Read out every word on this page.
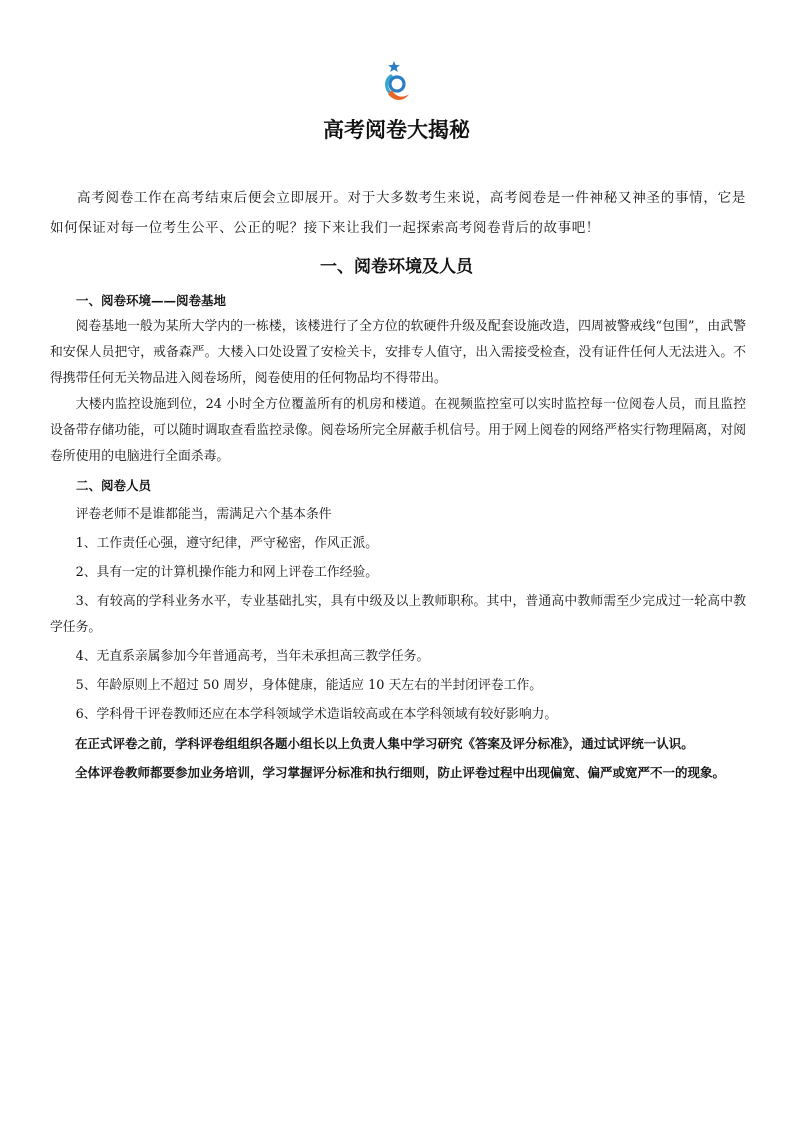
高考阅卷大揭秘

高考阅卷工作在高考结束后便会立即展开。对于大多数考生来说，高考阅卷是一件神秘又神圣的事情，它是如何保证对每一位考生公平、公正的呢？接下来让我们一起探索高考阅卷背后的故事吧！

一、阅卷环境及人员

一、阅卷环境——阅卷基地

阅卷基地一般为某所大学内的一栋楼，该楼进行了全方位的软硬件升级及配套设施改造，四周被警戒线“包围”，由武警和安保人员把守，戒备森严。大楼入口处设置了安检关卡，安排专人值守，出入需接受检查，没有证件任何人无法进入。不得携带任何无关物品进入阅卷场所，阅卷使用的任何物品均不得带出。

大楼内监控设施到位，24 小时全方位覆盖所有的机房和楼道。在视频监控室可以实时监控每一位阅卷人员，而且监控设备带存储功能，可以随时调取查看监控录像。阅卷场所完全屏蔽手机信号。用于网上阅卷的网络严格实行物理隔离，对阅卷所使用的电脑进行全面杀毒。

二、阅卷人员

评卷老师不是谁都能当，需满足六个基本条件

1、工作责任心强，遵守纪律，严守秘密，作风正派。

2、具有一定的计算机操作能力和网上评卷工作经验。

3、有较高的学科业务水平，专业基础扎实，具有中级及以上教师职称。其中，普通高中教师需至少完成过一轮高中教学任务。

4、无直系亲属参加今年普通高考，当年未承担高三教学任务。

5、年龄原则上不超过 50 周岁，身体健康，能适应 10 天左右的半封闭评卷工作。

6、学科骨干评卷教师还应在本学科领域学术造诣较高或在本学科领域有较好影响力。

在正式评卷之前，学科评卷组组织各题小组长以上负责人集中学习研究《答案及评分标准》，通过试评统一认识。

全体评卷教师都要参加业务培训，学习掌握评分标准和执行细则，防止评卷过程中出现偏宽、偏严或宽严不一的现象。
